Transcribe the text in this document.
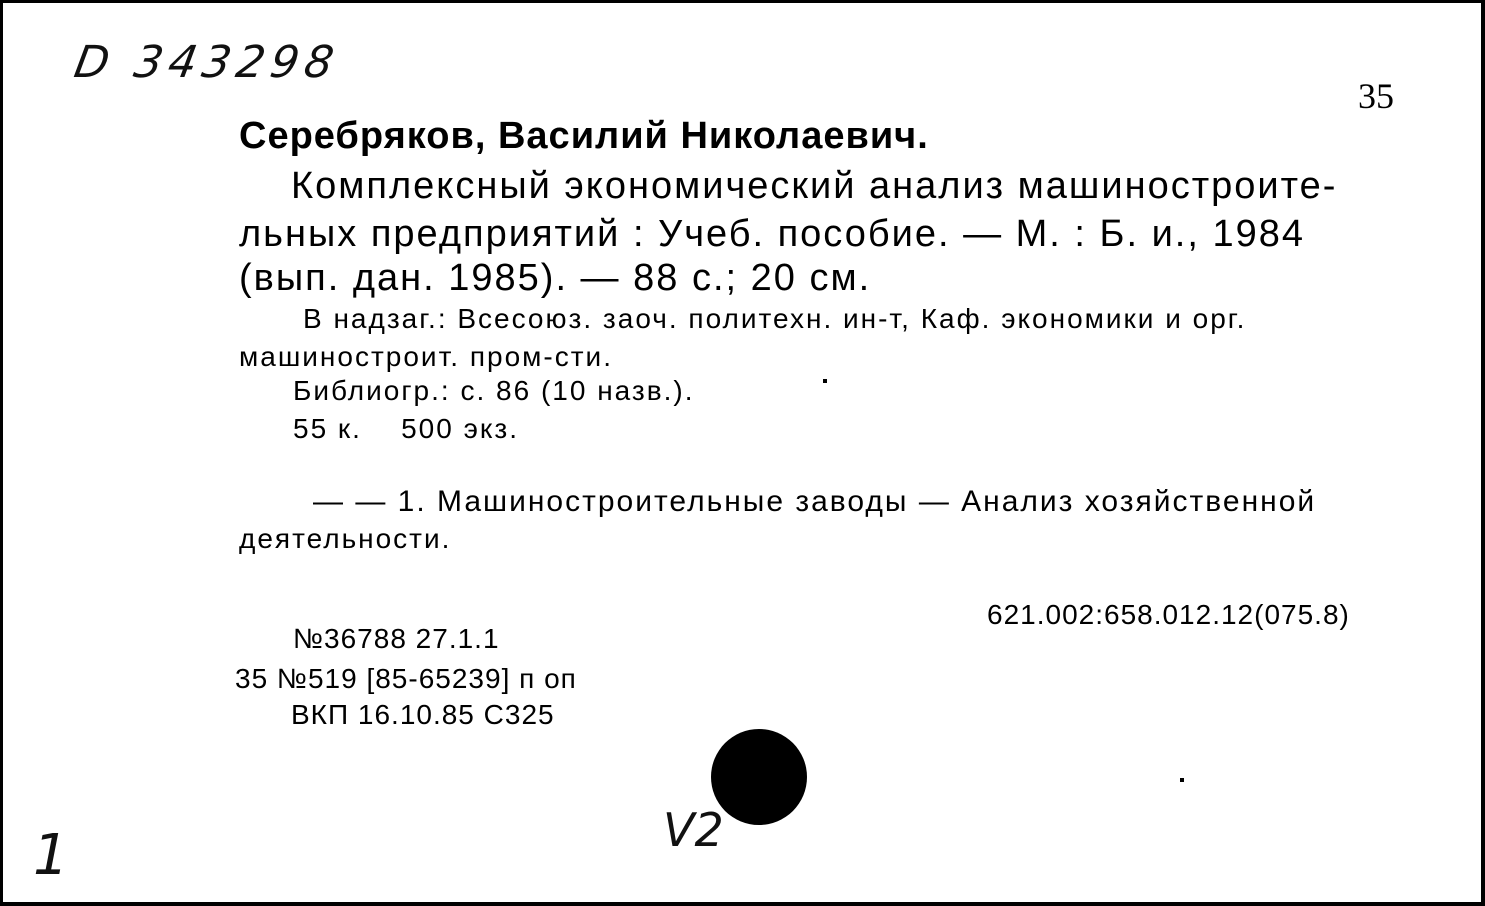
D 343298
35
Серебряков, Василий Николаевич.
Комплексный экономический анализ машиностроите-
льных предприятий : Учеб. пособие. — М. : Б. и., 1984
(вып. дан. 1985). — 88 с.; 20 см.
В надзаг.: Всесоюз. заоч. политехн. ин-т, Каф. экономики и орг.
машиностроит. пром-сти.
Библиогр.: с. 86 (10 назв.).
55 к.    500 экз.
— — 1. Машиностроительные заводы — Анализ хозяйственной
деятельности.
621.002:658.012.12(075.8)
№36788 27.1.1
35 №519 [85-65239] п оп
ВКП 16.10.85 С325
V2
1
